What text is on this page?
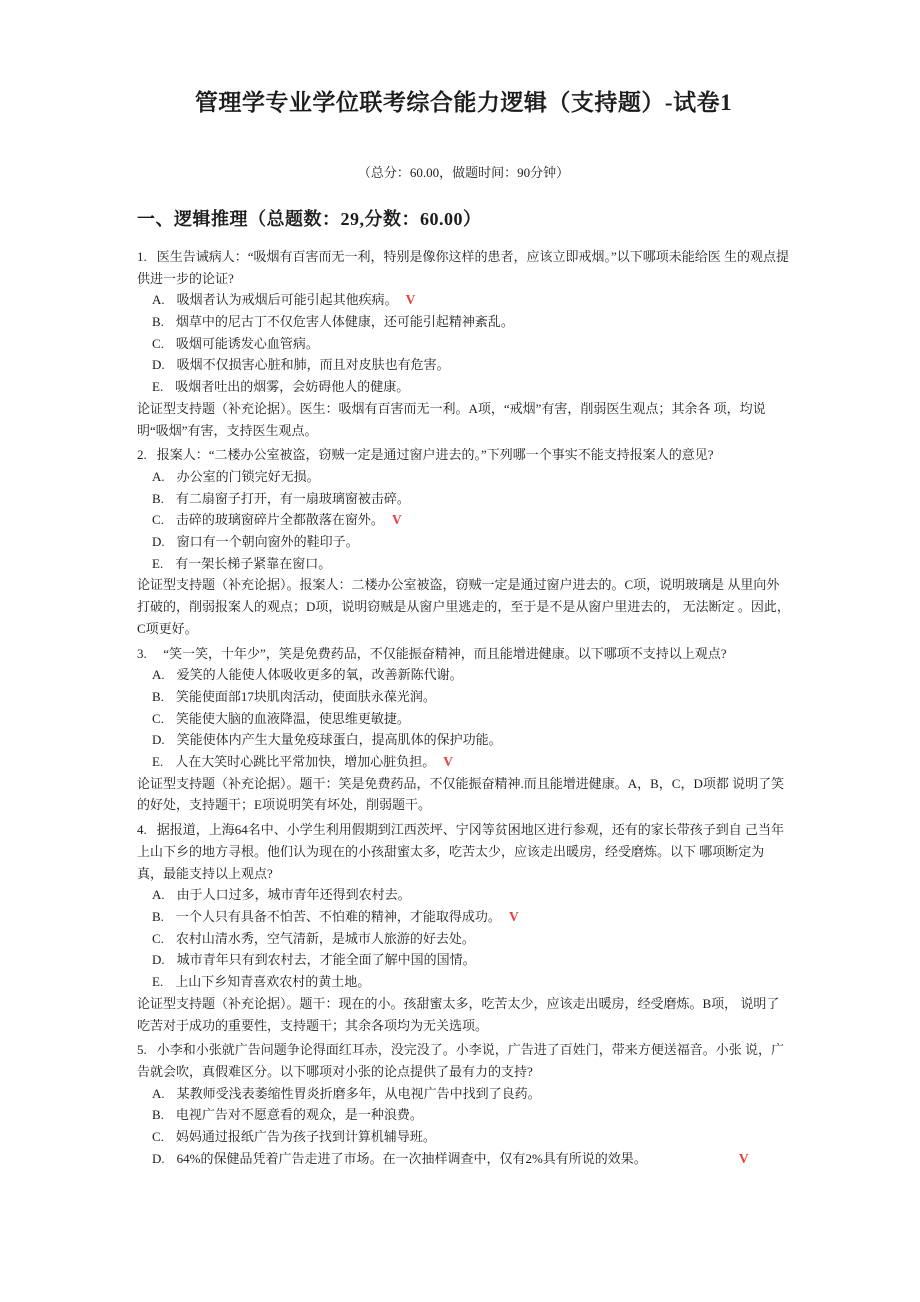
管理学专业学位联考综合能力逻辑（支持题）-试卷1
（总分：60.00，做题时间：90分钟）
一、逻辑推理（总题数：29,分数：60.00）

1. 医生告诫病人：“吸烟有百害而无一利，特别是像你这样的患者，应该立即戒烟。”以下哪项未能给医 生的观点提供进一步的论证?

A. 吸烟者认为戒烟后可能引起其他疾病。 V

B. 烟草中的尼古丁不仅危害人体健康，还可能引起精神紊乱。

C. 吸烟可能诱发心血管病。

D. 吸烟不仅损害心脏和肺，而且对皮肤也有危害。

E. 吸烟者吐出的烟雾，会妨碍他人的健康。

论证型支持题（补充论据）。医生：吸烟有百害而无一利。A项，“戒烟”有害，削弱医生观点；其余各 项，均说明“吸烟”有害，支持医生观点。

2. 报案人：“二楼办公室被盗，窃贼一定是通过窗户进去的。”下列哪一个事实不能支持报案人的意见?

A. 办公室的门锁完好无损。

B. 有二扇窗子打开，有一扇玻璃窗被击碎。

C. 击碎的玻璃窗碎片全都散落在窗外。 V

D. 窗口有一个朝向窗外的鞋印子。

E. 有一架长梯子紧靠在窗口。

论证型支持题（补充论据）。报案人：二楼办公室被盗，窃贼一定是通过窗户进去的。C项，说明玻璃是 从里向外打破的，削弱报案人的观点；D项，说明窃贼是从窗户里逃走的，至于是不是从窗户里进去的， 无法断定 。因此，C项更好。

3.  “笑一笑，十年少”，笑是免费药品，不仅能振奋精神，而且能增进健康。以下哪项不支持以上观点?

A. 爱笑的人能使人体吸收更多的氧，改善新陈代谢。

B. 笑能使面部17块肌肉活动，使面肤永葆光润。

C. 笑能使大脑的血液降温，使思维更敏捷。

D. 笑能使体内产生大量免疫球蛋白，提高肌体的保护功能。

E. 人在大笑时心跳比平常加快，增加心脏负担。 V

论证型支持题（补充论据）。题干：笑是免费药品，不仅能振奋精神.而且能增进健康。A，B，C，D项都 说明了笑的好处，支持题干；E项说明笑有坏处，削弱题干。

4. 据报道，上海64名中、小学生利用假期到江西茨坪、宁冈等贫困地区进行参观，还有的家长带孩子到自 己当年上山下乡的地方寻根。他们认为现在的小孩甜蜜太多，吃苦太少，应该走出暖房，经受磨炼。以下 哪项断定为真，最能支持以上观点?

A. 由于人口过多，城市青年还得到农村去。

B. 一个人只有具备不怕苦、不怕难的精神，才能取得成功。 V

C. 农村山清水秀，空气清新，是城市人旅游的好去处。

D. 城市青年只有到农村去，才能全面了解中国的国情。

E. 上山下乡知青喜欢农村的黄土地。

论证型支持题（补充论据）。题干：现在的小。孩甜蜜太多，吃苦太少，应该走出暖房，经受磨炼。B项， 说明了吃苦对于成功的重要性，支持题干；其余各项均为无关选项。

5. 小李和小张就广告问题争论得面红耳赤，没完没了。小李说，广告进了百姓门，带来方便送福音。小张 说，广告就会吹，真假难区分。以下哪项对小张的论点提供了最有力的支持?

A. 某教师受浅表萎缩性胃炎折磨多年，从电视广告中找到了良药。

B. 电视广告对不愿意看的观众，是一种浪费。

C. 妈妈通过报纸广告为孩子找到计算机辅导班。

D. 64%的保健品凭着广告走进了市场。在一次抽样调查中，仅有2%具有所说的效果。	V
